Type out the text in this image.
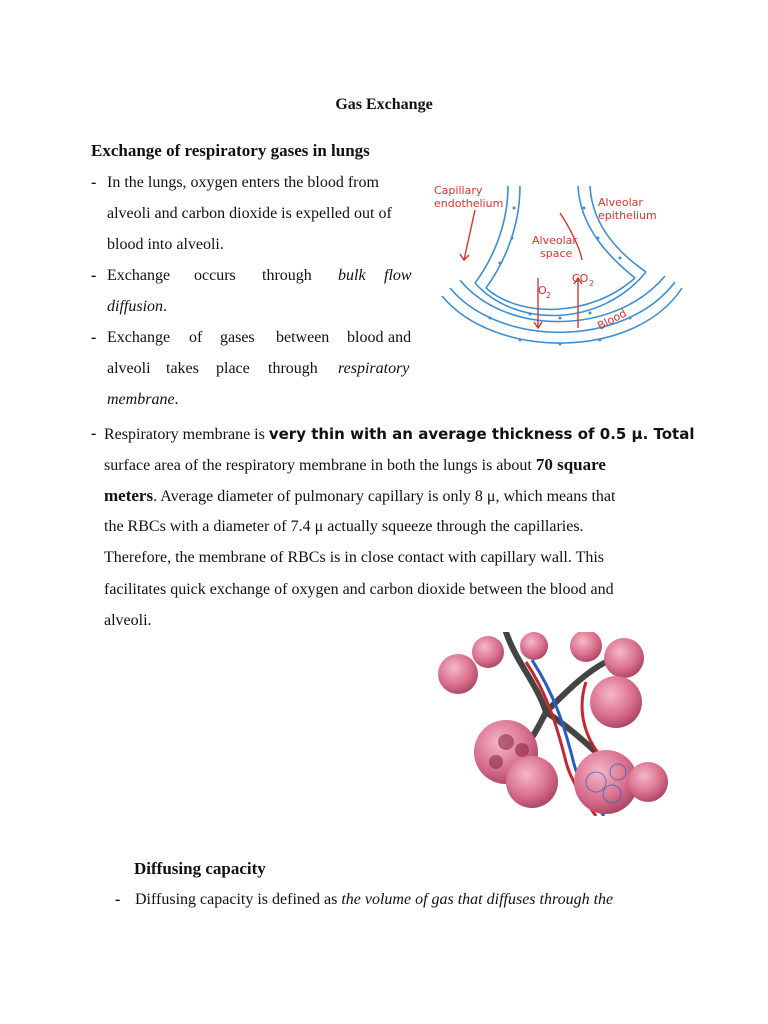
Gas Exchange
Exchange of respiratory gases in lungs
- In the lungs, oxygen enters the blood from
alveoli and carbon dioxide is expelled out of
blood into alveoli.
- Exchange occurs through bulk flow
diffusion.
- Exchange of gases between blood and
alveoli takes place through respiratory
membrane.
- Respiratory membrane is very thin with an average thickness of 0.5 μ. Total
surface area of the respiratory membrane in both the lungs is about 70 square
meters. Average diameter of pulmonary capillary is only 8 μ, which means that
the RBCs with a diameter of 7.4 μ actually squeeze through the capillaries.
Therefore, the membrane of RBCs is in close contact with capillary wall. This
facilitates quick exchange of oxygen and carbon dioxide between the blood and
alveoli.
Diffusing capacity
- Diffusing capacity is defined as the volume of gas that diffuses through the
Capillary
endothelium	Alveolar
epithelium
Alveolar
space
O 2
CO 2
Blood
